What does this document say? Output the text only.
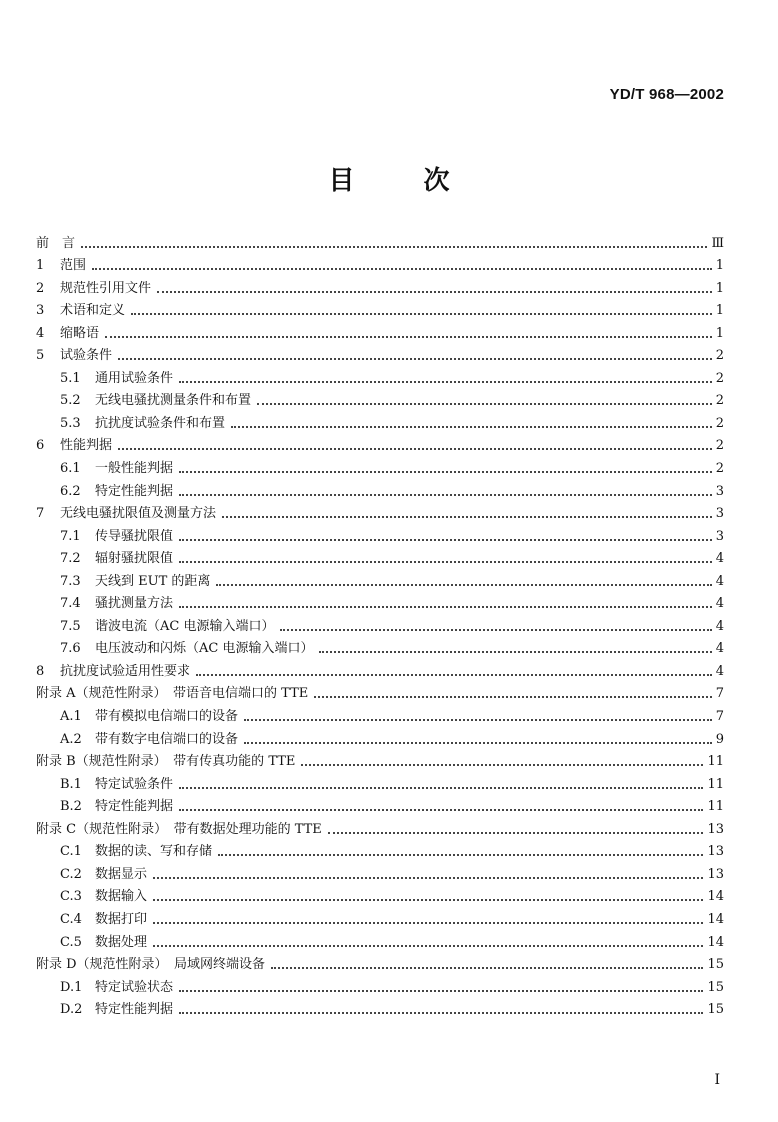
YD/T 968—2002
目	次
前　言	Ⅲ
1	范围	1
2	规范性引用文件	1
3	术语和定义	1
4	缩略语	1
5	试验条件	2
5.1	通用试验条件	2
5.2	无线电骚扰测量条件和布置	2
5.3	抗扰度试验条件和布置	2
6	性能判据	2
6.1	一般性能判据	2
6.2	特定性能判据	3
7	无线电骚扰限值及测量方法	3
7.1	传导骚扰限值	3
7.2	辐射骚扰限值	4
7.3	天线到 EUT 的距离	4
7.4	骚扰测量方法	4
7.5	谐波电流（AC 电源输入端口）	4
7.6	电压波动和闪烁（AC 电源输入端口）	4
8	抗扰度试验适用性要求	4
附录 A（规范性附录）　带语音电信端口的 TTE	7
A.1	带有模拟电信端口的设备	7
A.2	带有数字电信端口的设备	9
附录 B（规范性附录）　带有传真功能的 TTE	11
B.1	特定试验条件	11
B.2	特定性能判据	11
附录 C（规范性附录）　带有数据处理功能的 TTE	13
C.1	数据的读、写和存储	13
C.2	数据显示	13
C.3	数据输入	14
C.4	数据打印	14
C.5	数据处理	14
附录 D（规范性附录）　局域网终端设备	15
D.1 特定试验状态	15
D.2 特定性能判据	15
I
